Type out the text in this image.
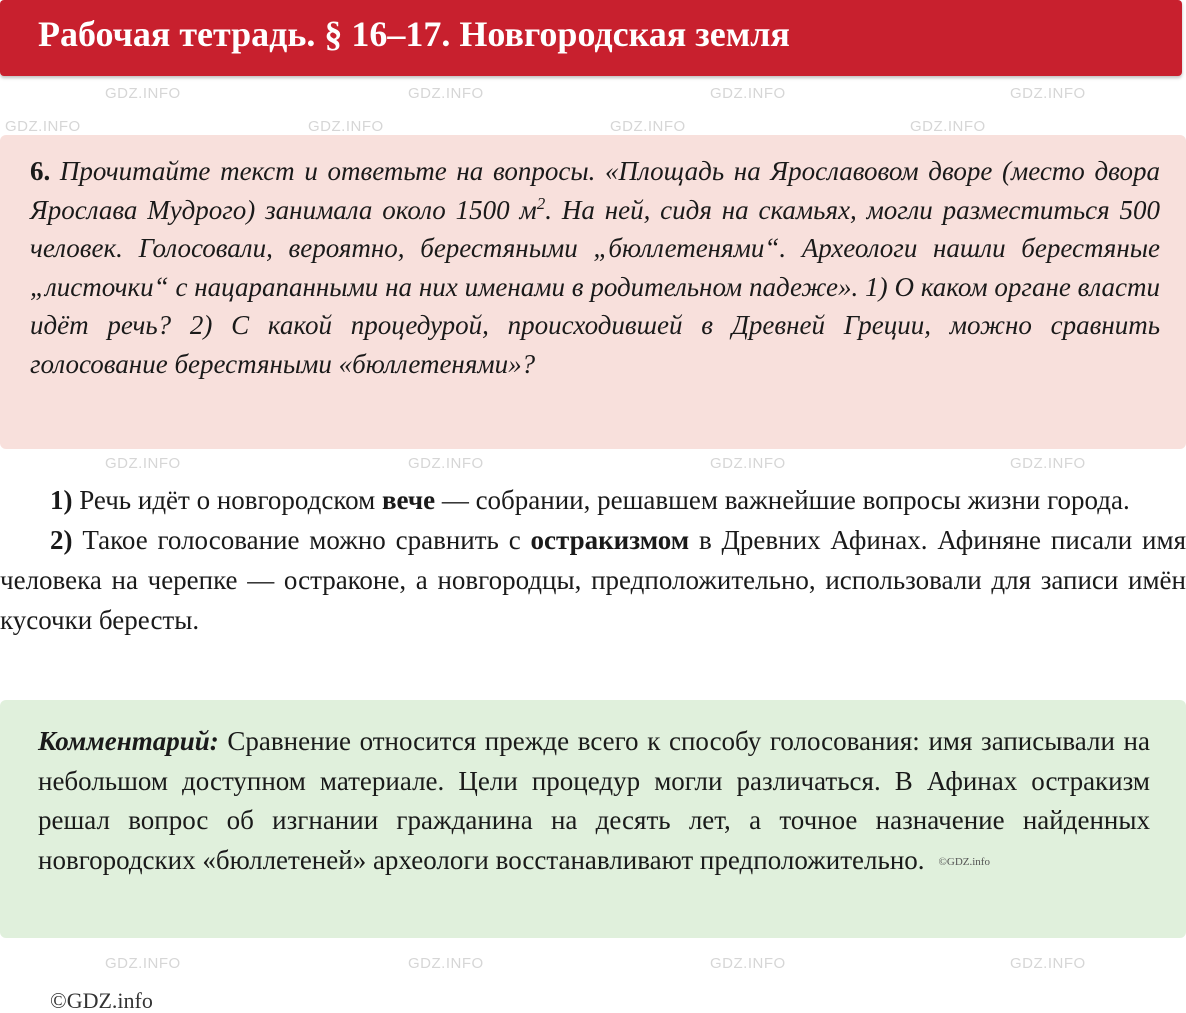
GDZ.INFO	GDZ.INFO	GDZ.INFO	GDZ.INFO
GDZ.INFO	GDZ.INFO	GDZ.INFO	GDZ.INFO
GDZ.INFO	GDZ.INFO	GDZ.INFO	GDZ.INFO
GDZ.INFO	GDZ.INFO	GDZ.INFO	GDZ.INFO
Рабочая тетрадь. § 16–17. Новгородская земля
6. Прочитайте текст и ответьте на вопросы. «Площадь на Ярославовом дворе (место двора Ярослава Мудрого) занимала около 1500 $м^2$. На ней, сидя на скамьях, могли разместиться 500 человек. Голосовали, вероятно, берестяными „бюллетенями“. Археологи нашли берестяные „листочки“ с нацарапанными на них именами в родительном падеже». 1) О каком органе власти идёт речь? 2) С какой процедурой, происходившей в Древней Греции, можно сравнить голосование берестяными «бюллетенями»?

1) Речь идёт о новгородском вече — собрании, решавшем важнейшие вопросы жизни города.

2) Такое голосование можно сравнить с остракизмом в Древних Афинах. Афиняне писали имя человека на черепке — остраконе, а новгородцы, предположительно, использовали для записи имён кусочки бересты.

Комментарий: Сравнение относится прежде всего к способу голосования: имя записывали на небольшом доступном материале. Цели процедур могли различаться. В Афинах остракизм решал вопрос об изгнании гражданина на десять лет, а точное назначение найденных новгородских «бюллетеней» археологи восстанавливают предположительно. ©GDZ.info
©GDZ.info
